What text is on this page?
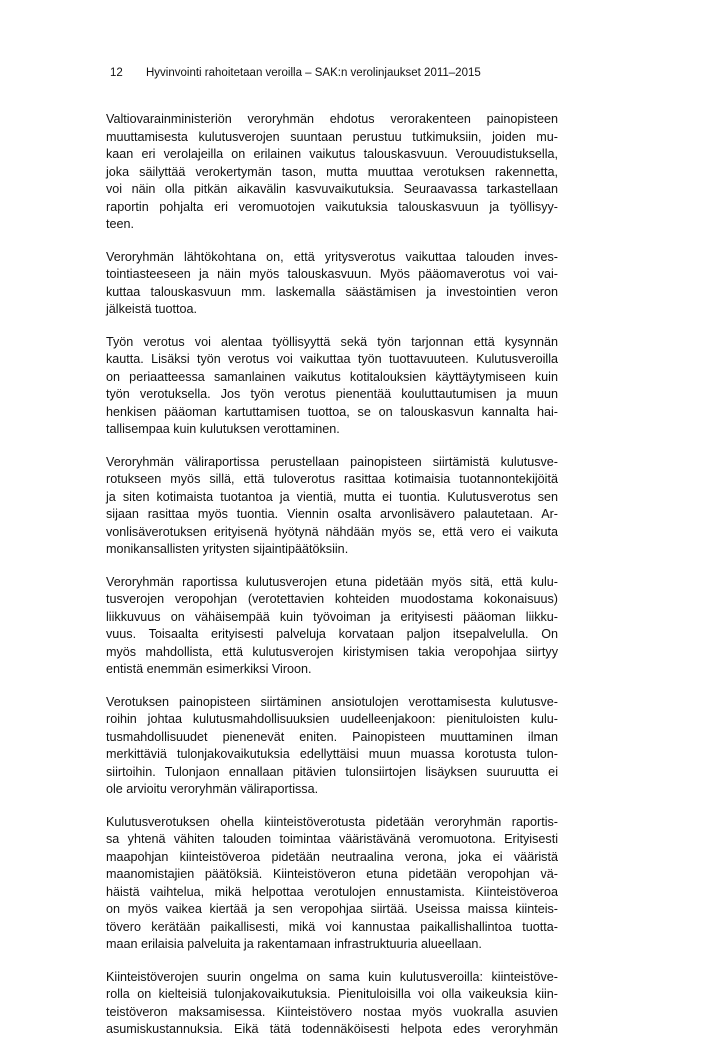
12 Hyvinvointi rahoitetaan veroilla – SAK:n verolinjaukset 2011–2015
Valtiovarainministeriön veroryhmän ehdotus verorakenteen painopisteen
muuttamisesta kulutusverojen suuntaan perustuu tutkimuksiin, joiden mu-
kaan eri verolajeilla on erilainen vaikutus talouskasvuun. Verouudistuksella,
joka säilyttää verokertymän tason, mutta muuttaa verotuksen rakennetta,
voi näin olla pitkän aikavälin kasvuvaikutuksia. Seuraavassa tarkastellaan
raportin pohjalta eri veromuotojen vaikutuksia talouskasvuun ja työllisyy-
teen.
Veroryhmän lähtökohtana on, että yritysverotus vaikuttaa talouden inves-
tointiasteeseen ja näin myös talouskasvuun. Myös pääomaverotus voi vai-
kuttaa talouskasvuun mm. laskemalla säästämisen ja investointien veron
jälkeistä tuottoa.
Työn verotus voi alentaa työllisyyttä sekä työn tarjonnan että kysynnän
kautta. Lisäksi työn verotus voi vaikuttaa työn tuottavuuteen. Kulutusveroilla
on periaatteessa samanlainen vaikutus kotitalouksien käyttäytymiseen kuin
työn verotuksella. Jos työn verotus pienentää kouluttautumisen ja muun
henkisen pääoman kartuttamisen tuottoa, se on talouskasvun kannalta hai-
tallisempaa kuin kulutuksen verottaminen.
Veroryhmän väliraportissa perustellaan painopisteen siirtämistä kulutusve-
rotukseen myös sillä, että tuloverotus rasittaa kotimaisia tuotannontekijöitä
ja siten kotimaista tuotantoa ja vientiä, mutta ei tuontia. Kulutusverotus sen
sijaan rasittaa myös tuontia. Viennin osalta arvonlisävero palautetaan. Ar-
vonlisäverotuksen erityisenä hyötynä nähdään myös se, että vero ei vaikuta
monikansallisten yritysten sijaintipäätöksiin.
Veroryhmän raportissa kulutusverojen etuna pidetään myös sitä, että kulu-
tusverojen veropohjan (verotettavien kohteiden muodostama kokonaisuus)
liikkuvuus on vähäisempää kuin työvoiman ja erityisesti pääoman liikku-
vuus. Toisaalta erityisesti palveluja korvataan paljon itsepalvelulla. On
myös mahdollista, että kulutusverojen kiristymisen takia veropohjaa siirtyy
entistä enemmän esimerkiksi Viroon.
Verotuksen painopisteen siirtäminen ansiotulojen verottamisesta kulutusve-
roihin johtaa kulutusmahdollisuuksien uudelleenjakoon: pienituloisten kulu-
tusmahdollisuudet pienenevät eniten. Painopisteen muuttaminen ilman
merkittäviä tulonjakovaikutuksia edellyttäisi muun muassa korotusta tulon-
siirtoihin. Tulonjaon ennallaan pitävien tulonsiirtojen lisäyksen suuruutta ei
ole arvioitu veroryhmän väliraportissa.
Kulutusverotuksen ohella kiinteistöverotusta pidetään veroryhmän raportis-
sa yhtenä vähiten talouden toimintaa vääristävänä veromuotona. Erityisesti
maapohjan kiinteistöveroa pidetään neutraalina verona, joka ei vääristä
maanomistajien päätöksiä. Kiinteistöveron etuna pidetään veropohjan vä-
häistä vaihtelua, mikä helpottaa verotulojen ennustamista. Kiinteistöveroa
on myös vaikea kiertää ja sen veropohjaa siirtää. Useissa maissa kiinteis-
tövero kerätään paikallisesti, mikä voi kannustaa paikallishallintoa tuotta-
maan erilaisia palveluita ja rakentamaan infrastruktuuria alueellaan.
Kiinteistöverojen suurin ongelma on sama kuin kulutusveroilla: kiinteistöve-
rolla on kielteisiä tulonjakovaikutuksia. Pienituloisilla voi olla vaikeuksia kiin-
teistöveron maksamisessa. Kiinteistövero nostaa myös vuokralla asuvien
asumiskustannuksia. Eikä tätä todennäköisesti helpota edes veroryhmän
